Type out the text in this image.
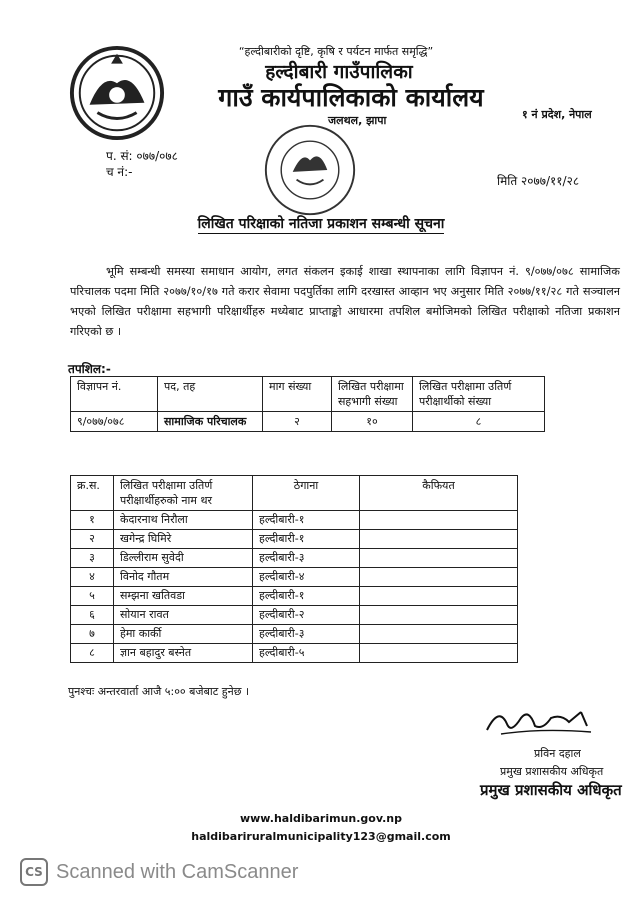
“हल्दीबारीको दृष्टि, कृषि र पर्यटन मार्फत समृद्धि”
हल्दीबारी गाउँपालिका
गाउँ कार्यपालिकाको कार्यालय
जलथल, झापा	१ नं प्रदेश, नेपाल
प. सं: ०७७/०७८
च नं:-
मिति २०७७/११/२८
लिखित परिक्षाको नतिजा प्रकाशन सम्बन्धी सूचना
भूमि सम्बन्धी समस्या समाधान आयोग, लगत संकलन इकाई शाखा स्थापनाका लागि विज्ञापन नं. ९/०७७/०७८ सामाजिक परिचालक पदमा मिति २०७७/१०/१७ गते करार सेवामा पदपुर्तिका लागि दरखास्त आव्हान भए अनुसार मिति २०७७/११/२८ गते सञ्चालन भएको लिखित परीक्षामा सहभागी परिक्षार्थीहरु मध्येबाट प्राप्ताङ्को आधारमा तपशिल बमोजिमको लिखित परीक्षाको नतिजा प्रकाशन गरिएको छ ।
तपशिल:-
विज्ञापन नं.	पद, तह	माग संख्या	लिखित परीक्षामा सहभागी संख्या	लिखित परीक्षामा उतिर्ण परीक्षार्थीको संख्या
९/०७७/०७८	सामाजिक परिचालक	२	१०	८
क्र.स.	लिखित परीक्षामा उतिर्ण परीक्षार्थीहरुको नाम थर	ठेगाना	कैफियत
१	केदारनाथ निरौला	हल्दीबारी-१	
२	खगेन्द्र घिमिरे	हल्दीबारी-१	
३	डिल्लीराम सुवेदी	हल्दीबारी-३	
४	विनोद गौतम	हल्दीबारी-४	
५	सम्झना खतिवडा	हल्दीबारी-१	
६	सोयान रावत	हल्दीबारी-२	
७	हेमा कार्की	हल्दीबारी-३	
८	ज्ञान बहादुर बस्नेत	हल्दीबारी-५	
पुनश्चः अन्तरवार्ता आजै ५:०० बजेबाट हुनेछ ।
प्रविन दहाल
प्रमुख प्रशासकीय अधिकृत
प्रमुख प्रशासकीय अधिकृत
www.haldibarimun.gov.np
haldibariruralmunicipality123@gmail.com
CS Scanned with CamScanner
